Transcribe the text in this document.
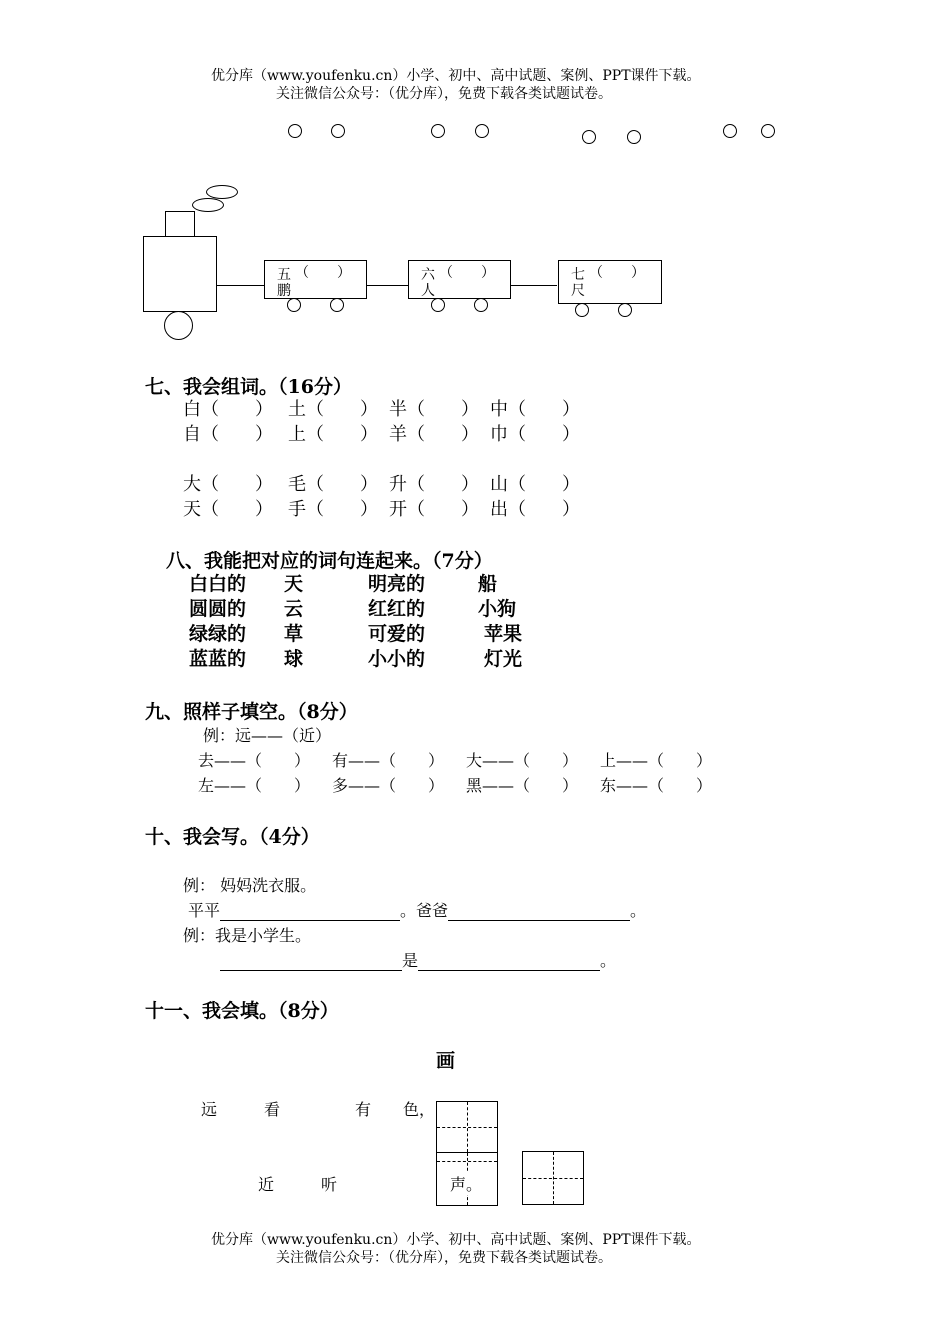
优分库（www.youfenku.cn）小学、初中、高中试题、案例、PPT课件下载。
关注微信公众号：（优分库），免费下载各类试题试卷。
五 （　　）
鹏
六 （　　）
人
七 （　　）
尺
七、我会组词。（16分）
白（　　） 土（　　） 半（　　） 中（　　）
自（　　） 上（　　） 羊（　　） 巾（　　）
大（　　） 毛（　　） 升（　　） 山（　　）
天（　　） 手（　　） 开（　　） 出（　　）
八、我能把对应的词句连起来。（7分）
白白的 天	明亮的	船
圆圆的 云	红红的	小狗
绿绿的 草	可爱的	苹果
蓝蓝的 球	小小的	灯光
九、照样子填空。（8分）
例：远——（近）
去——（　　） 有——（　　） 大——（　　） 上——（　　）
左——（　　） 多——（　　） 黑——（　　） 东——（　　）
十、我会写。（4分）
例： 妈妈洗衣服。
平平	。爸爸	。
例：我是小学生。
是	。
十一、我会填。（8分）
画
远	看	有 色，
近	听	声。
优分库（www.youfenku.cn）小学、初中、高中试题、案例、PPT课件下载。
关注微信公众号：（优分库），免费下载各类试题试卷。
